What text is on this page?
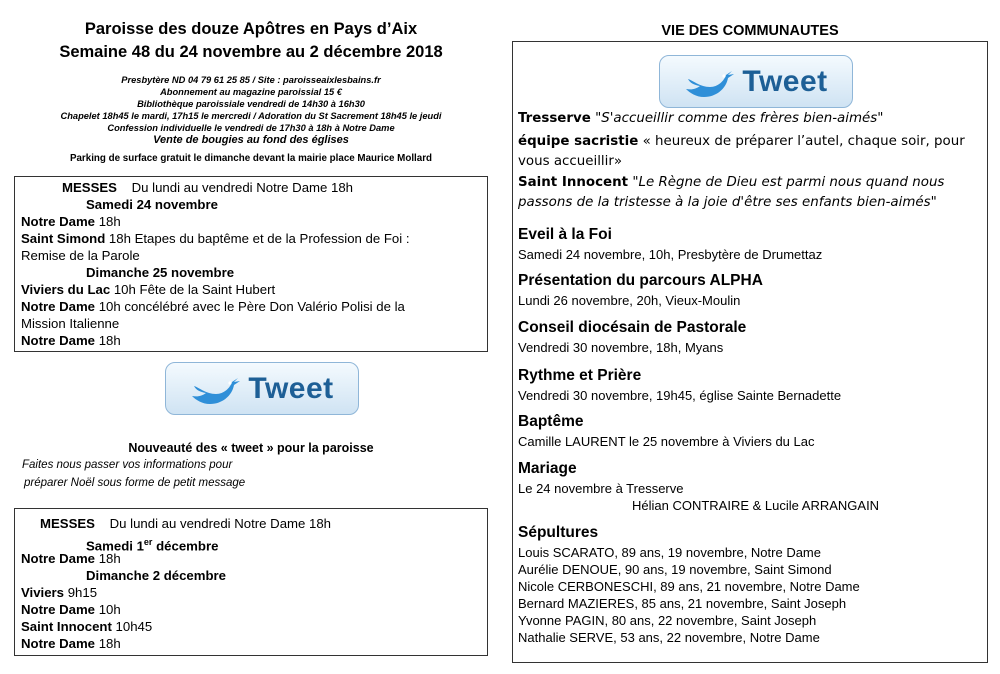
Paroisse des douze Apôtres en Pays d’Aix
Semaine 48 du 24 novembre au 2 décembre 2018
Presbytère ND 04 79 61 25 85 / Site : paroisseaixlesbains.fr
Abonnement au magazine paroissial 15 €
Bibliothèque paroissiale vendredi de 14h30 à 16h30
Chapelet 18h45 le mardi, 17h15 le mercredi / Adoration du St Sacrement 18h45 le jeudi
Confession individuelle le vendredi de 17h30 à 18h à Notre Dame
Vente de bougies au fond des églises
Parking de surface gratuit le dimanche devant la mairie place Maurice Mollard
MESSES Du lundi au vendredi Notre Dame 18h
Samedi 24 novembre
Notre Dame 18h
Saint Simond 18h Etapes du baptême et de la Profession de Foi :
Remise de la Parole
Dimanche 25 novembre
Viviers du Lac 10h Fête de la Saint Hubert
Notre Dame 10h concélébré avec le Père Don Valério Polisi de la
Mission Italienne
Notre Dame 18h
Tweet
Nouveauté des « tweet » pour la paroisse
Faites nous passer vos informations pour
préparer Noël sous forme de petit message
MESSES Du lundi au vendredi Notre Dame 18h
Samedi 1er décembre
Notre Dame 18h
Dimanche 2 décembre
Viviers 9h15
Notre Dame 10h
Saint Innocent 10h45
Notre Dame 18h
VIE DES COMMUNAUTES
Tweet
Tresserve "S'accueillir comme des frères bien-aimés"
équipe sacristie « heureux de préparer l’autel, chaque soir, pour
vous accueillir»
Saint Innocent "Le Règne de Dieu est parmi nous quand nous
passons de la tristesse à la joie d'être ses enfants bien-aimés"
Eveil à la Foi
Samedi 24 novembre, 10h, Presbytère de Drumettaz
Présentation du parcours ALPHA
Lundi 26 novembre, 20h, Vieux-Moulin
Conseil diocésain de Pastorale
Vendredi 30 novembre, 18h, Myans
Rythme et Prière
Vendredi 30 novembre, 19h45, église Sainte Bernadette
Baptême
Camille LAURENT le 25 novembre à Viviers du Lac
Mariage
Le 24 novembre à Tresserve
Hélian CONTRAIRE & Lucile ARRANGAIN
Sépultures
Louis SCARATO, 89 ans, 19 novembre, Notre Dame
Aurélie DENOUE, 90 ans, 19 novembre, Saint Simond
Nicole CERBONESCHI, 89 ans, 21 novembre, Notre Dame
Bernard MAZIERES, 85 ans, 21 novembre, Saint Joseph
Yvonne PAGIN, 80 ans, 22 novembre, Saint Joseph
Nathalie SERVE, 53 ans, 22 novembre, Notre Dame
